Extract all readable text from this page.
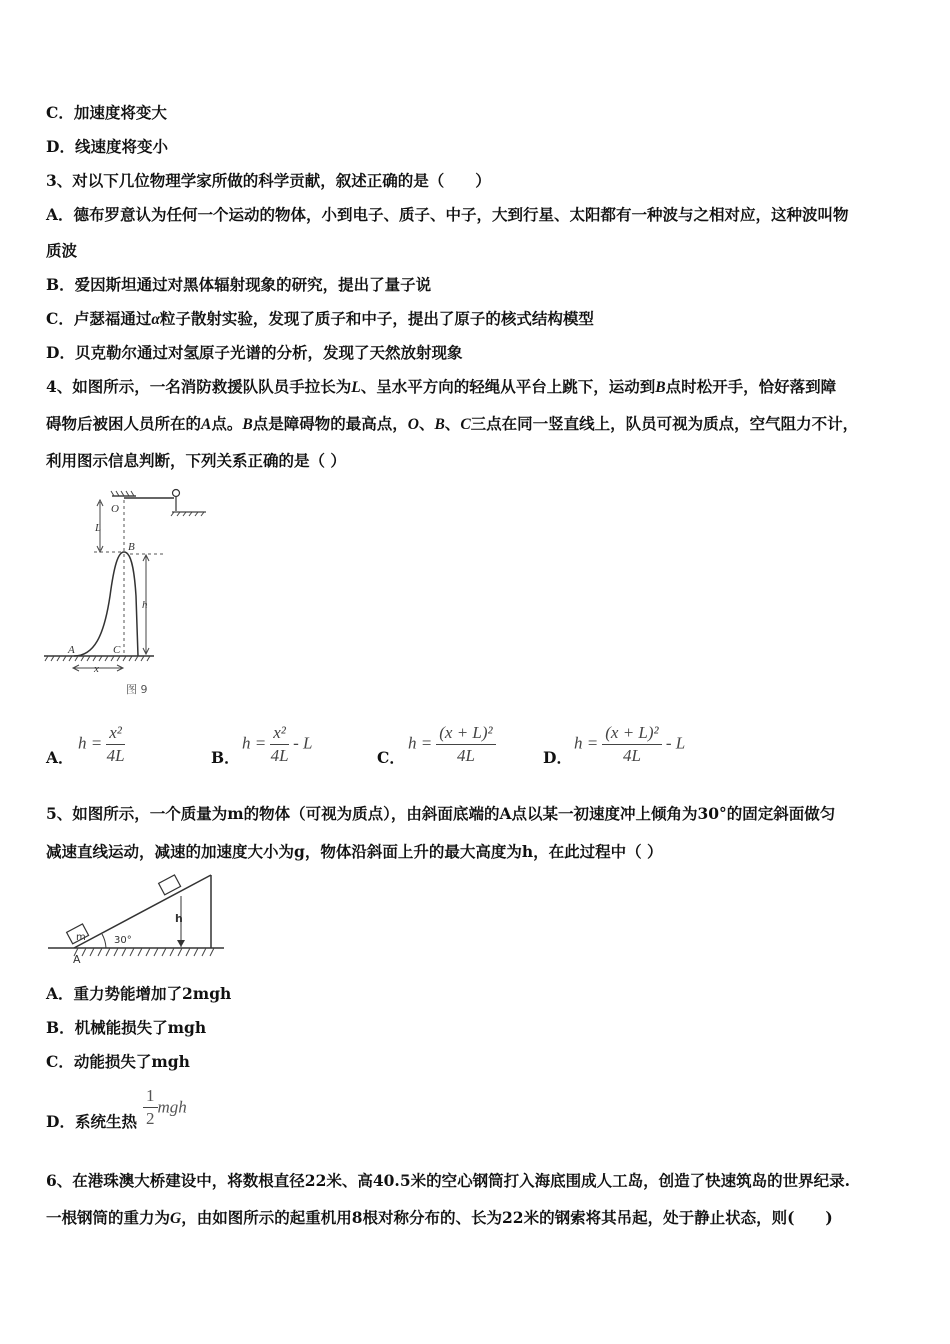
C．加速度将变大
D．线速度将变小
3、对以下几位物理学家所做的科学贡献，叙述正确的是（　　）
A．德布罗意认为任何一个运动的物体，小到电子、质子、中子，大到行星、太阳都有一种波与之相对应，这种波叫物
质波
B．爱因斯坦通过对黑体辐射现象的研究，提出了量子说
C．卢瑟福通过α粒子散射实验，发现了质子和中子，提出了原子的核式结构模型
D．贝克勒尔通过对氢原子光谱的分析，发现了天然放射现象
4、如图所示，一名消防救援队队员手拉长为L、呈水平方向的轻绳从平台上跳下，运动到B点时松开手，恰好落到障
碍物后被困人员所在的A点。B点是障碍物的最高点，O、B、C三点在同一竖直线上，队员可视为质点，空气阻力不计，
利用图示信息判断，下列关系正确的是（ ）
O
L
B
h
A	C
x
图 9
A．
$h = \frac{\text{x²}}{4L}$	B．
$h = \frac{\text{x²}}{4L} - L$
C．
$h = \frac{\text{(x + L)²}}{4L}$	D．
$h = \frac{\text{(x + L)²}}{4L} - L$
5、如图所示，一个质量为m的物体（可视为质点），由斜面底端的A点以某一初速度冲上倾角为30°的固定斜面做匀
减速直线运动，减速的加速度大小为g，物体沿斜面上升的最大高度为h，在此过程中（ ）
m
A
30°
h
A．重力势能增加了2mgh
B．机械能损失了mgh
C．动能损失了mgh
D．系统生热 $\frac{1}{2}$ mgh
6、在港珠澳大桥建设中，将数根直径22米、高40.5米的空心钢筒打入海底围成人工岛，创造了快速筑岛的世界纪录.
一根钢筒的重力为G，由如图所示的起重机用8根对称分布的、长为22米的钢索将其吊起，处于静止状态，则(　　)
